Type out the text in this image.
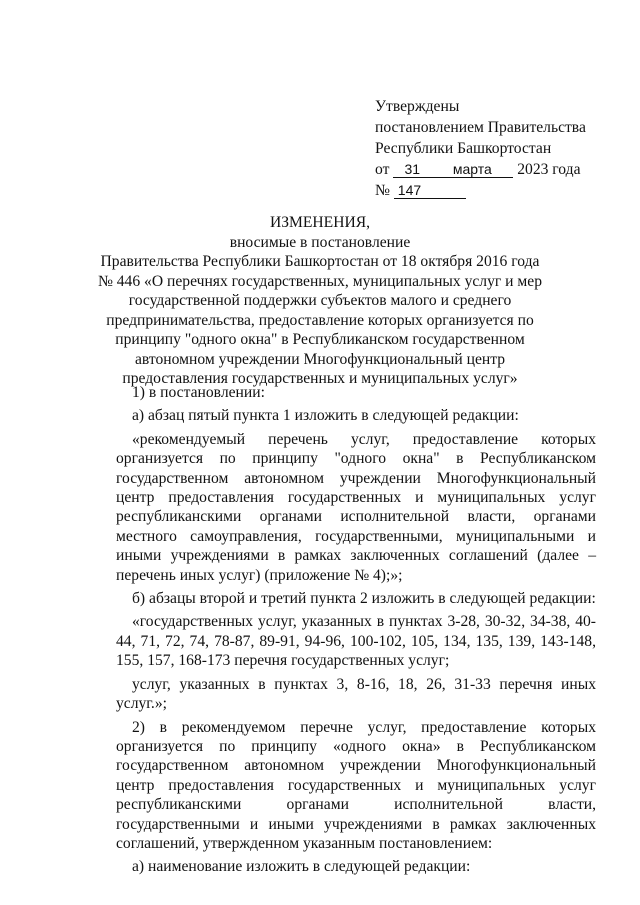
Утверждены
постановлением Правительства
Республики Башкортостан
от 31 марта 2023 года
№ 147
ИЗМЕНЕНИЯ,
вносимые в постановление
Правительства Республики Башкортостан от 18 октября 2016 года № 446 «О перечнях государственных, муниципальных услуг и мер государственной поддержки субъектов малого и среднего предпринимательства, предоставление которых организуется по принципу "одного окна" в Республиканском государственном автономном учреждении Многофункциональный центр предоставления государственных и муниципальных услуг»

1) в постановлении:

а) абзац пятый пункта 1 изложить в следующей редакции:

«рекомендуемый перечень услуг, предоставление которых организуется по принципу "одного окна" в Республиканском государственном автономном учреждении Многофункциональный центр предоставления государственных и муниципальных услуг республиканскими органами исполнительной власти, органами местного самоуправления, государственными, муниципальными и иными учреждениями в рамках заключенных соглашений (далее – перечень иных услуг) (приложение № 4);»;

б) абзацы второй и третий пункта 2 изложить в следующей редакции:

«государственных услуг, указанных в пунктах 3-28, 30-32, 34-38, 40-44, 71, 72, 74, 78-87, 89-91, 94-96, 100-102, 105, 134, 135, 139, 143-148, 155, 157, 168-173 перечня государственных услуг;

услуг, указанных в пунктах 3, 8-16, 18, 26, 31-33 перечня иных услуг.»;

2) в рекомендуемом перечне услуг, предоставление которых организуется по принципу «одного окна» в Республиканском государственном автономном учреждении Многофункциональный центр предоставления государственных и муниципальных услуг республиканскими органами исполнительной власти, государственными и иными учреждениями в рамках заключенных соглашений, утвержденном указанным постановлением:

а) наименование изложить в следующей редакции:
